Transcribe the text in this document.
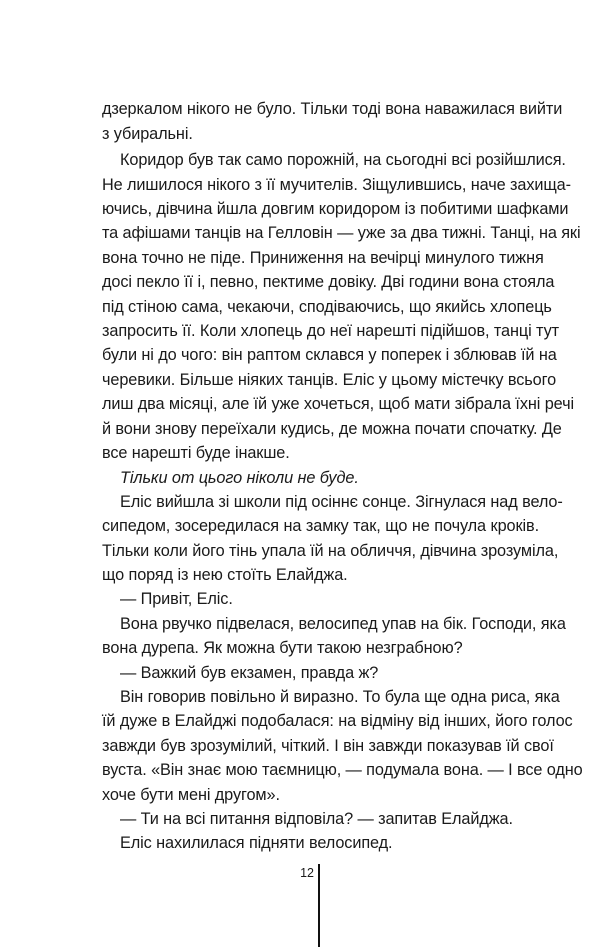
дзеркалом нікого не було. Тільки тоді вона наважилася вийти
з убиральні.
Коридор був так само порожній, на сьогодні всі розійшлися.
Не лишилося нікого з її мучителів. Зіщулившись, наче захища-
ючись, дівчина йшла довгим коридором із побитими шафками
та афішами танців на Гелловін — уже за два тижні. Танці, на які
вона точно не піде. Приниження на вечірці минулого тижня
досі пекло її і, певно, пектиме довіку. Дві години вона стояла
під стіною сама, чекаючи, сподіваючись, що якийсь хлопець
запросить її. Коли хлопець до неї нарешті підійшов, танці тут
були ні до чого: він раптом склався у поперек і зблював їй на
черевики. Більше ніяких танців. Еліс у цьому містечку всього
лиш два місяці, але їй уже хочеться, щоб мати зібрала їхні речі
й вони знову переїхали кудись, де можна почати спочатку. Де
все нарешті буде інакше.
Тільки от цього ніколи не буде.
Еліс вийшла зі школи під осіннє сонце. Зігнулася над вело-
сипедом, зосередилася на замку так, що не почула кроків.
Тільки коли його тінь упала їй на обличчя, дівчина зрозуміла,
що поряд із нею стоїть Елайджа.
— Привіт, Еліс.
Вона рвучко підвелася, велосипед упав на бік. Господи, яка
вона дурепа. Як можна бути такою незграбною?
— Важкий був екзамен, правда ж?
Він говорив повільно й виразно. То була ще одна риса, яка
їй дуже в Елайджі подобалася: на відміну від інших, його голос
завжди був зрозумілий, чіткий. І він завжди показував їй свої
вуста. «Він знає мою таємницю, — подумала вона. — І все одно
хоче бути мені другом».
— Ти на всі питання відповіла? — запитав Елайджа.
Еліс нахилилася підняти велосипед.
12
